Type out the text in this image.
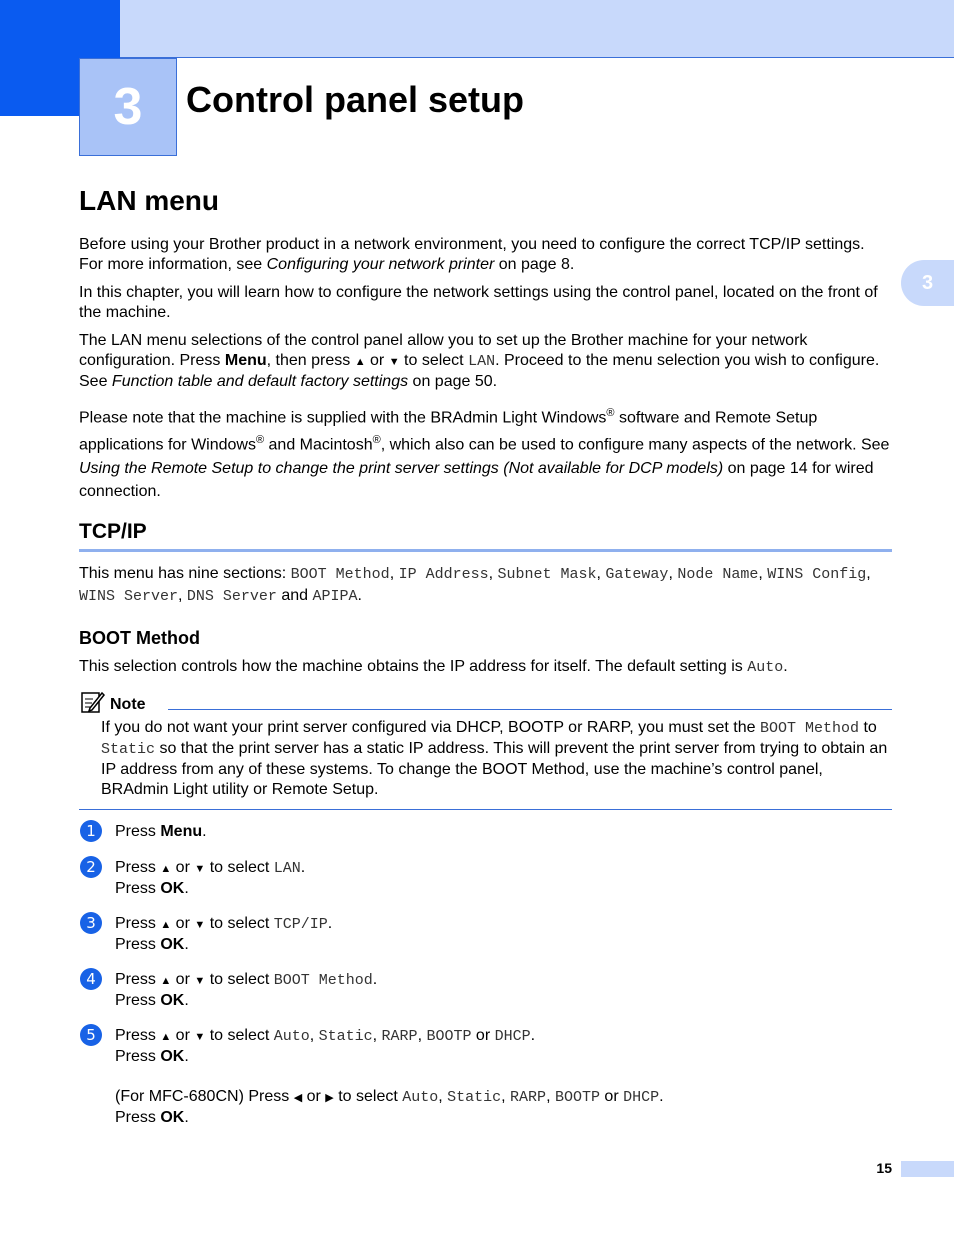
3	Control panel setup
3
LAN menu
Before using your Brother product in a network environment, you need to configure the correct TCP/IP settings. For more information, see Configuring your network printer on page 8.
In this chapter, you will learn how to configure the network settings using the control panel, located on the front of the machine.
The LAN menu selections of the control panel allow you to set up the Brother machine for your network configuration. Press Menu, then press ▲ or ▼ to select LAN. Proceed to the menu selection you wish to configure. See Function table and default factory settings on page 50.
Please note that the machine is supplied with the BRAdmin Light Windows® software and Remote Setup applications for Windows® and Macintosh®, which also can be used to configure many aspects of the network. See Using the Remote Setup to change the print server settings (Not available for DCP models) on page 14 for wired connection.
TCP/IP
This menu has nine sections: BOOT Method, IP Address, Subnet Mask, Gateway, Node Name, WINS Config, WINS Server, DNS Server and APIPA.
BOOT Method
This selection controls how the machine obtains the IP address for itself. The default setting is Auto.
Note
If you do not want your print server configured via DHCP, BOOTP or RARP, you must set the BOOT Method to Static so that the print server has a static IP address. This will prevent the print server from trying to obtain an IP address from any of these systems. To change the BOOT Method, use the machine’s control panel, BRAdmin Light utility or Remote Setup.
1	Press Menu.
2	Press ▲ or ▼ to select LAN.
Press OK.
3	Press ▲ or ▼ to select TCP/IP.
Press OK.
4	Press ▲ or ▼ to select BOOT Method.
Press OK.
5	Press ▲ or ▼ to select Auto, Static, RARP, BOOTP or DHCP.
Press OK.
(For MFC-680CN) Press ◀ or ▶ to select Auto, Static, RARP, BOOTP or DHCP.
Press OK.
15
